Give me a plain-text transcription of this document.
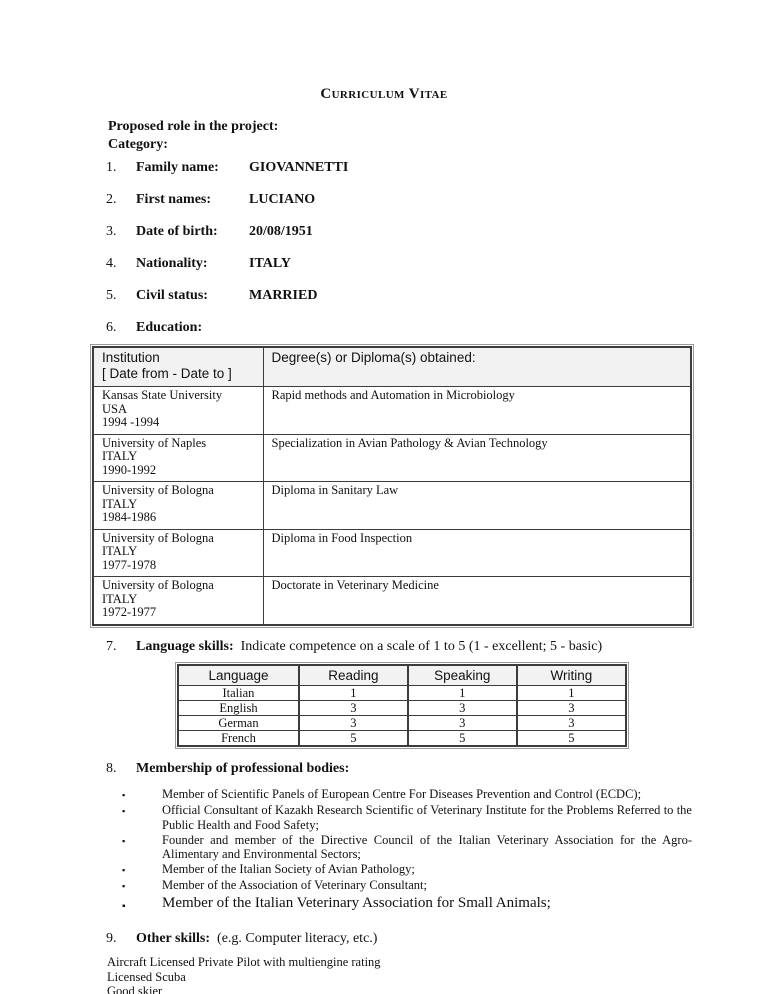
Curriculum Vitae
Proposed role in the project:
Category:
1.	Family name:	GIOVANNETTI
2.	First names:	LUCIANO
3.	Date of birth:	20/08/1951
4.	Nationality:	ITALY
5.	Civil status:	MARRIED
6.	Education:
Institution
[ Date from - Date to ]	Degree(s) or Diploma(s) obtained:

Kansas State University
USA
1994 -1994	Rapid methods and Automation in Microbiology

University of Naples
ITALY
1990-1992	Specialization in Avian Pathology & Avian Technology

University of Bologna
ITALY
1984-1986	Diploma in Sanitary Law

University of Bologna
ITALY
1977-1978	Diploma in Food Inspection

University of Bologna
ITALY
1972-1977	Doctorate in Veterinary Medicine
7.	Language skills: Indicate competence on a scale of 1 to 5 (1 - excellent; 5 - basic)
Language	Reading	Speaking	Writing
Italian	1	1	1
English	3	3	3
German	3	3	3
French	5	5	5
8.	Membership of professional bodies:
▪	Member of Scientific Panels of European Centre For Diseases Prevention and Control (ECDC);
▪	Official Consultant of Kazakh Research Scientific of Veterinary Institute for the Problems Referred to the Public Health and Food Safety;
▪	Founder and member of the Directive Council of the Italian Veterinary Association for the Agro-Alimentary and Environmental Sectors;
▪	Member of the Italian Society of Avian Pathology;
▪	Member of the Association of Veterinary Consultant;
▪	Member of the Italian Veterinary Association for Small Animals;
9.	Other skills: (e.g. Computer literacy, etc.)
Aircraft Licensed Private Pilot with multiengine rating
Licensed Scuba
Good skier
